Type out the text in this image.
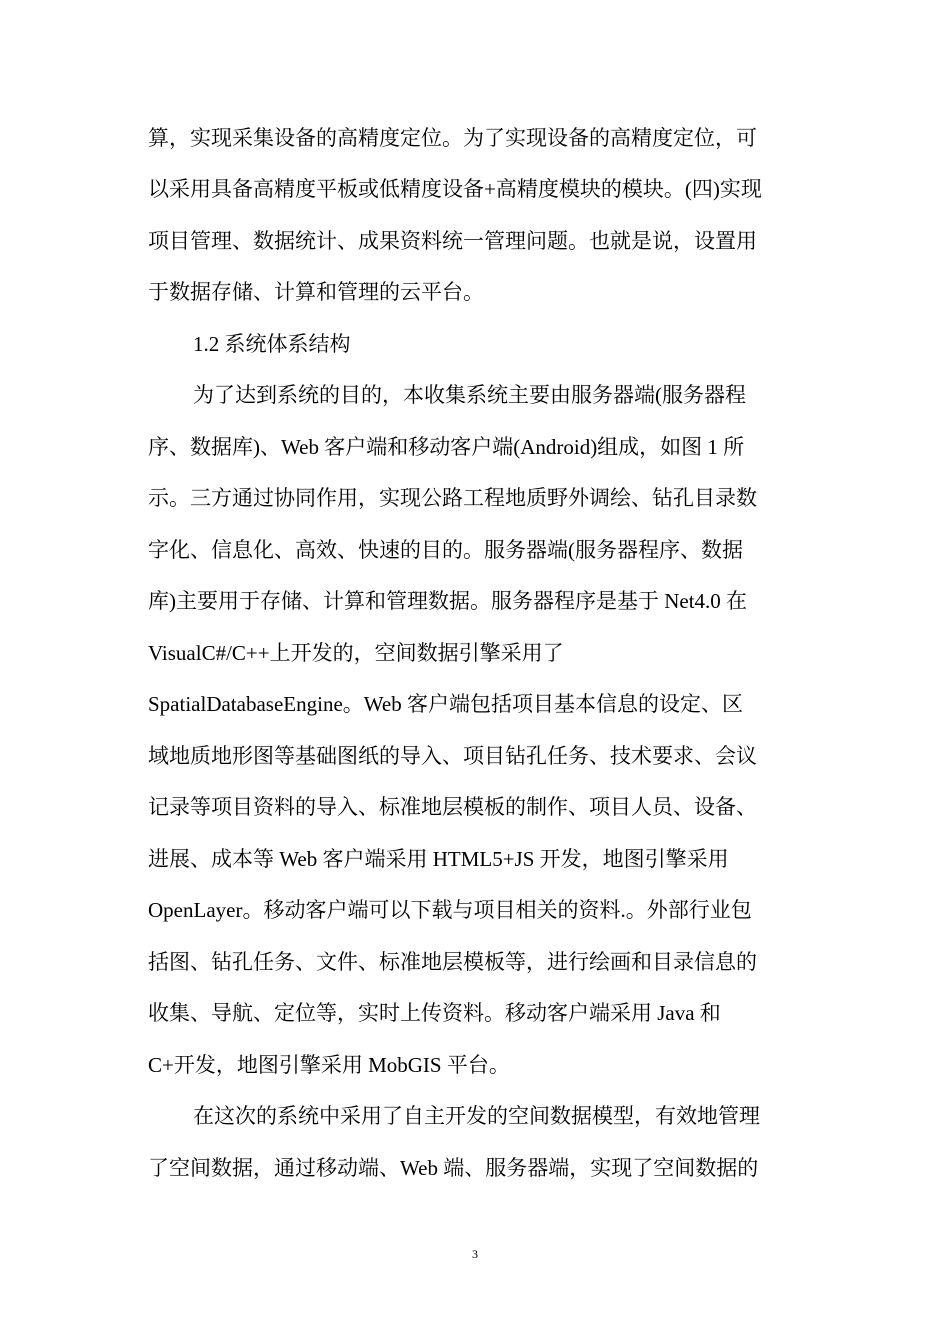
算，实现采集设备的高精度定位。为了实现设备的高精度定位，可
以采用具备高精度平板或低精度设备+高精度模块的模块。(四)实现
项目管理、数据统计、成果资料统一管理问题。也就是说，设置用
于数据存储、计算和管理的云平台。
1.2 系统体系结构
为了达到系统的目的，本收集系统主要由服务器端(服务器程
序、数据库)、Web 客户端和移动客户端(Android)组成，如图 1 所
示。三方通过协同作用，实现公路工程地质野外调绘、钻孔目录数
字化、信息化、高效、快速的目的。服务器端(服务器程序、数据
库)主要用于存储、计算和管理数据。服务器程序是基于 Net4.0 在
VisualC#/C++上开发的，空间数据引擎采用了
SpatialDatabaseEngine。Web 客户端包括项目基本信息的设定、区
域地质地形图等基础图纸的导入、项目钻孔任务、技术要求、会议
记录等项目资料的导入、标准地层模板的制作、项目人员、设备、
进展、成本等 Web 客户端采用 HTML5+JS 开发，地图引擎采用
OpenLayer。移动客户端可以下载与项目相关的资料.。外部行业包
括图、钻孔任务、文件、标准地层模板等，进行绘画和目录信息的
收集、导航、定位等，实时上传资料。移动客户端采用 Java 和
C+开发，地图引擎采用 MobGIS 平台。
在这次的系统中采用了自主开发的空间数据模型，有效地管理
了空间数据，通过移动端、Web 端、服务器端，实现了空间数据的
3
